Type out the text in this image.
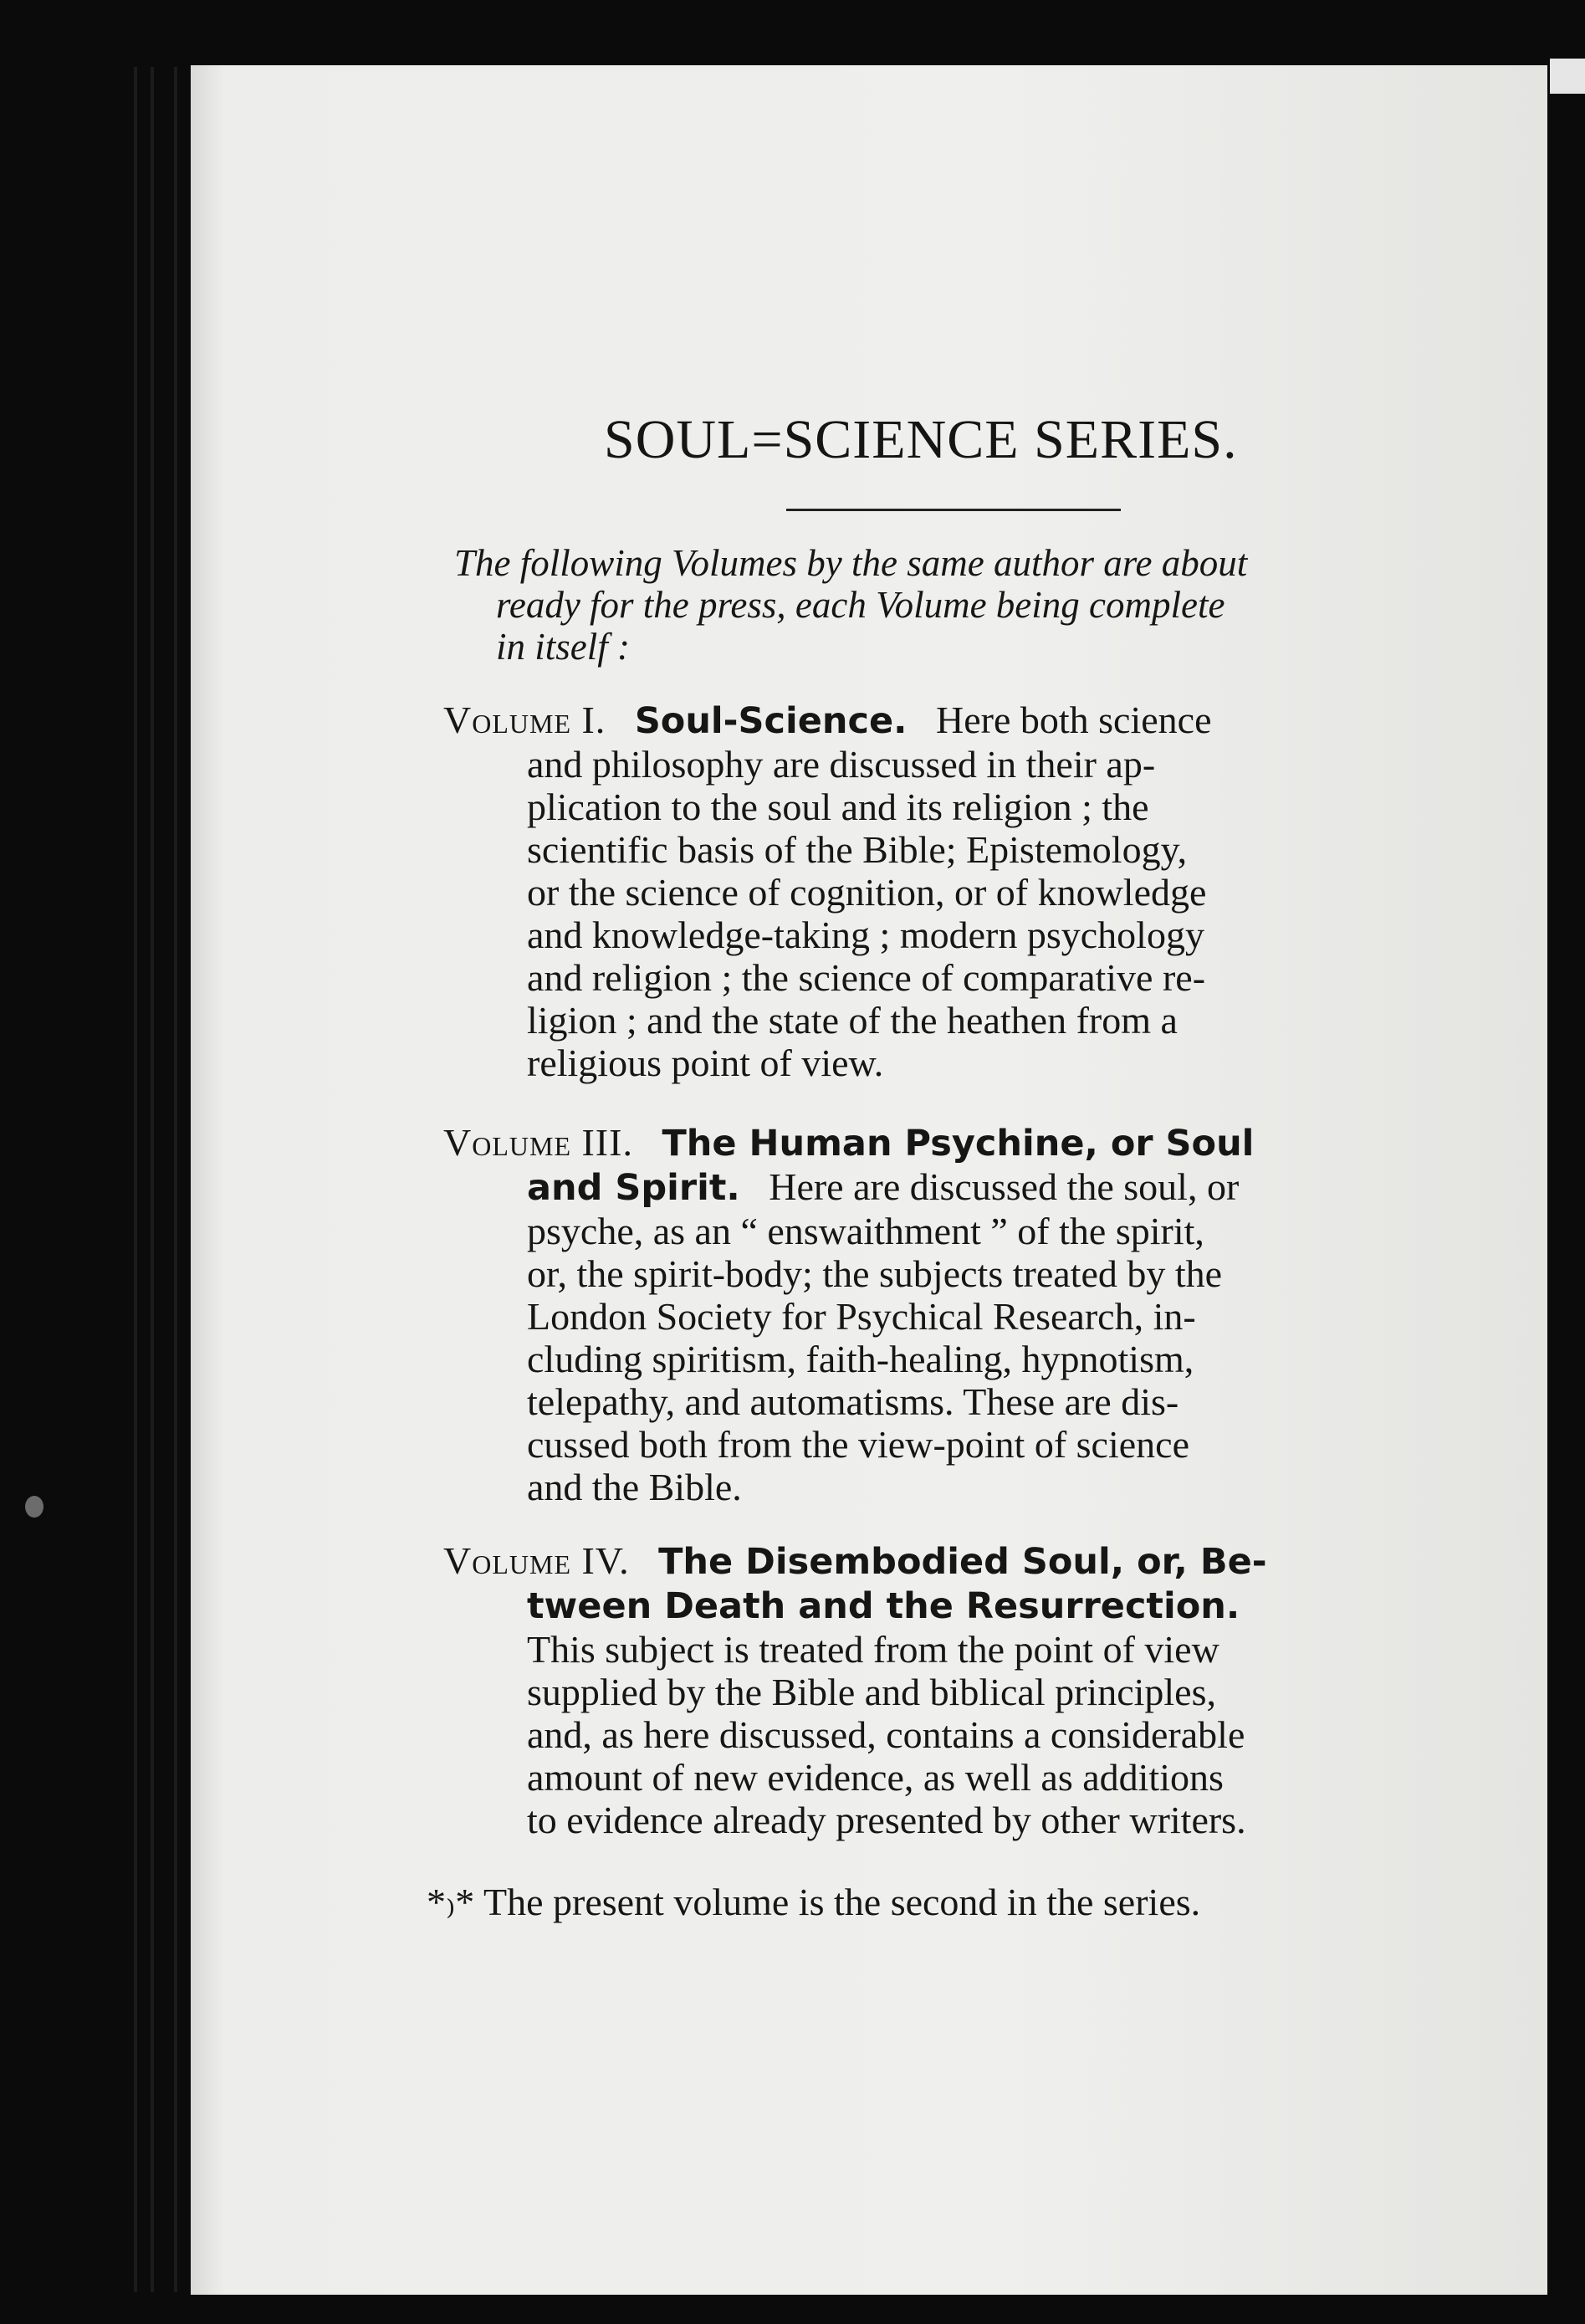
SOUL=SCIENCE SERIES.
The following Volumes by the same author are about
ready for the press, each Volume being complete
in itself :
Volume I. Soul-Science. Here both science
and philosophy are discussed in their ap-
plication to the soul and its religion ; the
scientific basis of the Bible; Epistemology,
or the science of cognition, or of knowledge
and knowledge-taking ; modern psychology
and religion ; the science of comparative re-
ligion ; and the state of the heathen from a
religious point of view.
Volume III. The Human Psychine, or Soul
and Spirit. Here are discussed the soul, or
psyche, as an “ enswaithment ” of the spirit,
or, the spirit-body; the subjects treated by the
London Society for Psychical Research, in-
cluding spiritism, faith-healing, hypnotism,
telepathy, and automatisms. These are dis-
cussed both from the view-point of science
and the Bible.
Volume IV. The Disembodied Soul, or, Be-
tween Death and the Resurrection.
This subject is treated from the point of view
supplied by the Bible and biblical principles,
and, as here discussed, contains a considerable
amount of new evidence, as well as additions
to evidence already presented by other writers.
*₎* The present volume is the second in the series.
